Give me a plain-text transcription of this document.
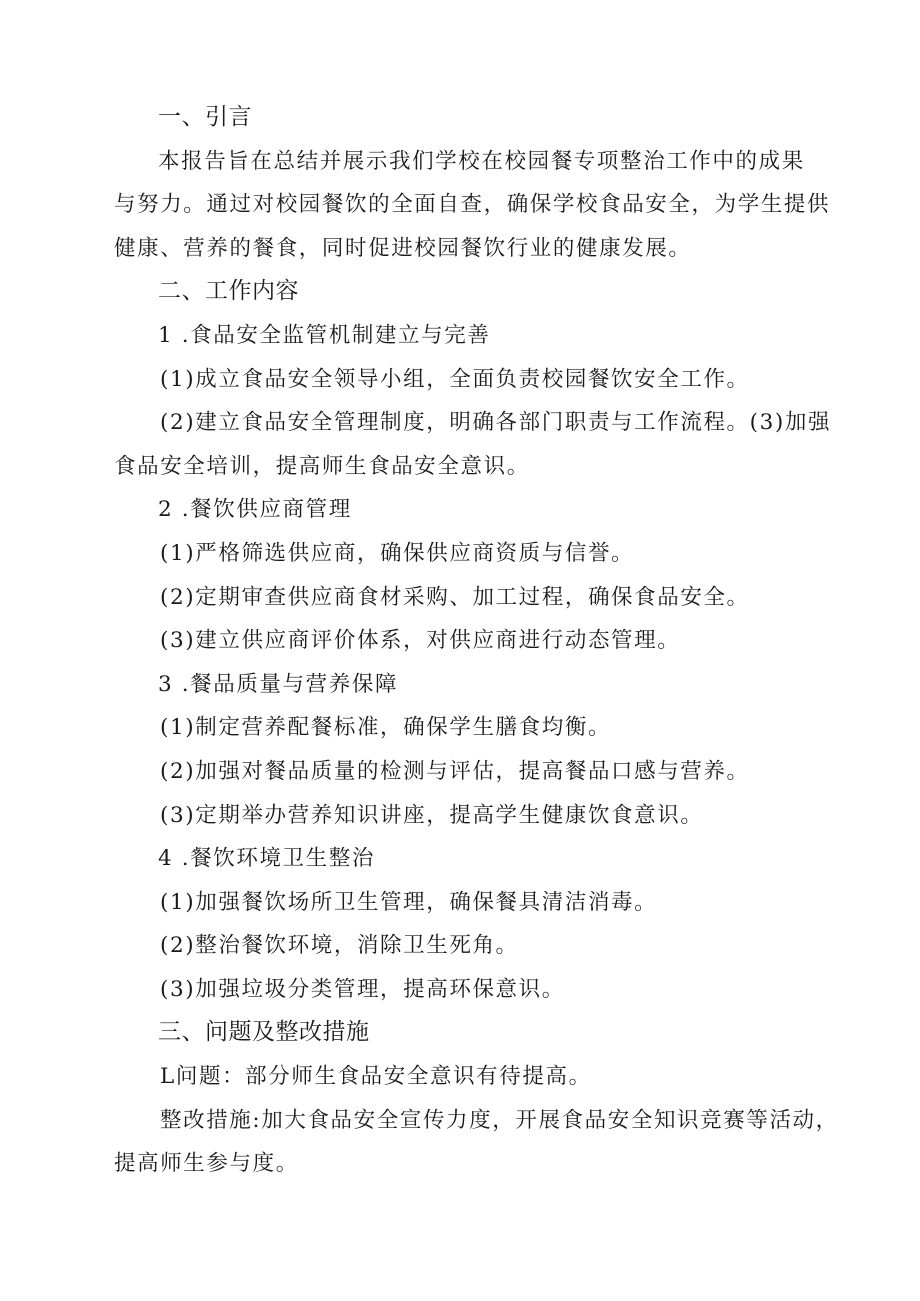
一、引言

本报告旨在总结并展示我们学校在校园餐专项整治工作中的成果

与努力。通过对校园餐饮的全面自查，确保学校食品安全，为学生提供

健康、营养的餐食，同时促进校园餐饮行业的健康发展。

二、工作内容

1 .食品安全监管机制建立与完善

(1)成立食品安全领导小组，全面负责校园餐饮安全工作。

(2)建立食品安全管理制度，明确各部门职责与工作流程。(3)加强

食品安全培训，提高师生食品安全意识。

2 .餐饮供应商管理

(1)严格筛选供应商，确保供应商资质与信誉。

(2)定期审查供应商食材采购、加工过程，确保食品安全。

(3)建立供应商评价体系，对供应商进行动态管理。

3 .餐品质量与营养保障

(1)制定营养配餐标准，确保学生膳食均衡。

(2)加强对餐品质量的检测与评估，提高餐品口感与营养。

(3)定期举办营养知识讲座，提高学生健康饮食意识。

4 .餐饮环境卫生整治

(1)加强餐饮场所卫生管理，确保餐具清洁消毒。

(2)整治餐饮环境，消除卫生死角。

(3)加强垃圾分类管理，提高环保意识。

三、问题及整改措施

L问题：部分师生食品安全意识有待提高。

整改措施:加大食品安全宣传力度，开展食品安全知识竞赛等活动，

提高师生参与度。
